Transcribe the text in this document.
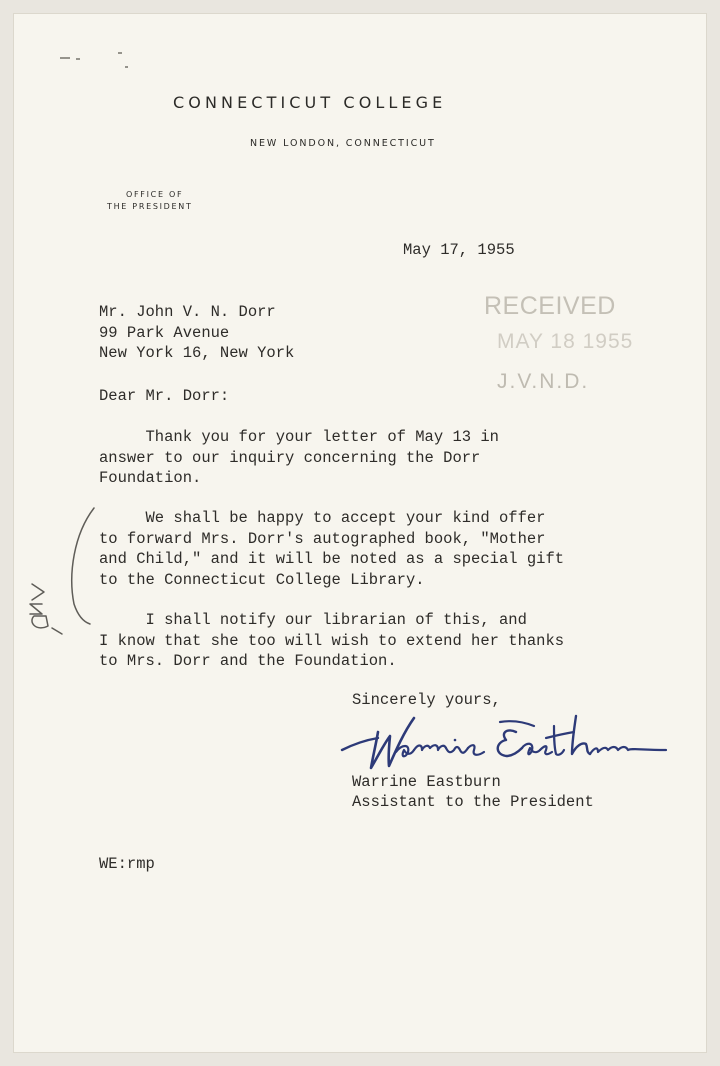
CONNECTICUT COLLEGE
NEW LONDON, CONNECTICUT
OFFICE OF
THE PRESIDENT
May 17, 1955
RECEIVED
MAY 18 1955
J.V.N.D.
Mr. John V. N. Dorr
99 Park Avenue
New York 16, New York
Dear Mr. Dorr:
Thank you for your letter of May 13 in
answer to our inquiry concerning the Dorr
Foundation.
We shall be happy to accept your kind offer
to forward Mrs. Dorr's autographed book, "Mother
and Child," and it will be noted as a special gift
to the Connecticut College Library.
I shall notify our librarian of this, and
I know that she too will wish to extend her thanks
to Mrs. Dorr and the Foundation.
Sincerely yours,
Warrine Eastburn
Assistant to the President
WE:rmp
